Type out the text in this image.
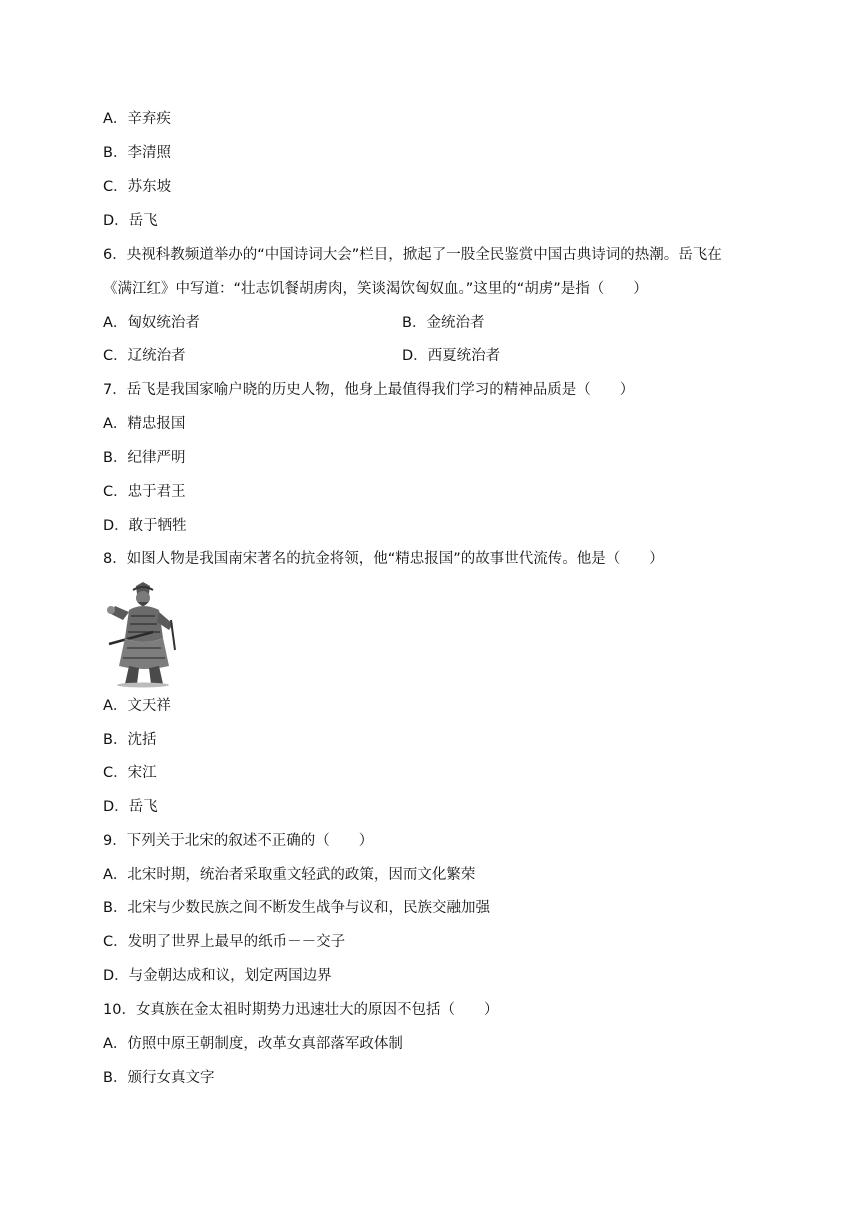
A．辛弃疾
B．李清照
C．苏东坡
D．岳飞
6．央视科教频道举办的“中国诗词大会”栏目，掀起了一股全民鉴赏中国古典诗词的热潮。岳飞在
《满江红》中写道：“壮志饥餐胡虏肉，笑谈渴饮匈奴血。”这里的“胡虏”是指（　　）
A．匈奴统治者	B．金统治者
C．辽统治者	D．西夏统治者
7．岳飞是我国家喻户晓的历史人物，他身上最值得我们学习的精神品质是（　　）
A．精忠报国
B．纪律严明
C．忠于君王
D．敢于牺牲
8．如图人物是我国南宋著名的抗金将领，他“精忠报国”的故事世代流传。他是（　　）
A．文天祥
B．沈括
C．宋江
D．岳飞
9．下列关于北宋的叙述不正确的（　　）
A．北宋时期，统治者采取重文轻武的政策，因而文化繁荣
B．北宋与少数民族之间不断发生战争与议和，民族交融加强
C．发明了世界上最早的纸币－－交子
D．与金朝达成和议，划定两国边界
10．女真族在金太祖时期势力迅速壮大的原因不包括（　　）
A．仿照中原王朝制度，改革女真部落军政体制
B．颁行女真文字
